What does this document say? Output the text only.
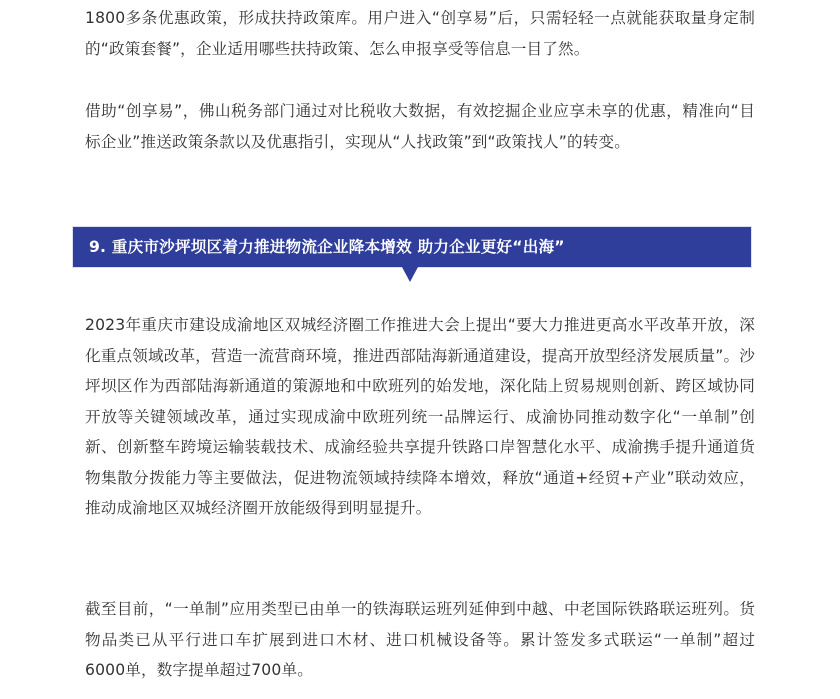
1800多条优惠政策，形成扶持政策库。用户进入“创享易”后，只需轻轻一点就能获取量身定制的“政策套餐”，企业适用哪些扶持政策、怎么申报享受等信息一目了然。

借助“创享易”，佛山税务部门通过对比税收大数据，有效挖掘企业应享未享的优惠，精准向“目标企业”推送政策条款以及优惠指引，实现从“人找政策”到“政策找人”的转变。

9. 重庆市沙坪坝区着力推进物流企业降本增效 助力企业更好“出海”

2023年重庆市建设成渝地区双城经济圈工作推进大会上提出“要大力推进更高水平改革开放，深化重点领域改革，营造一流营商环境，推进西部陆海新通道建设，提高开放型经济发展质量”。沙坪坝区作为西部陆海新通道的策源地和中欧班列的始发地，深化陆上贸易规则创新、跨区域协同开放等关键领域改革，通过实现成渝中欧班列统一品牌运行、成渝协同推动数字化“一单制”创新、创新整车跨境运输装载技术、成渝经验共享提升铁路口岸智慧化水平、成渝携手提升通道货物集散分拨能力等主要做法，促进物流领域持续降本增效，释放“通道+经贸+产业”联动效应，推动成渝地区双城经济圈开放能级得到明显提升。

截至目前，“一单制”应用类型已由单一的铁海联运班列延伸到中越、中老国际铁路联运班列。货物品类已从平行进口车扩展到进口木材、进口机械设备等。累计签发多式联运“一单制”超过6000单，数字提单超过700单。
